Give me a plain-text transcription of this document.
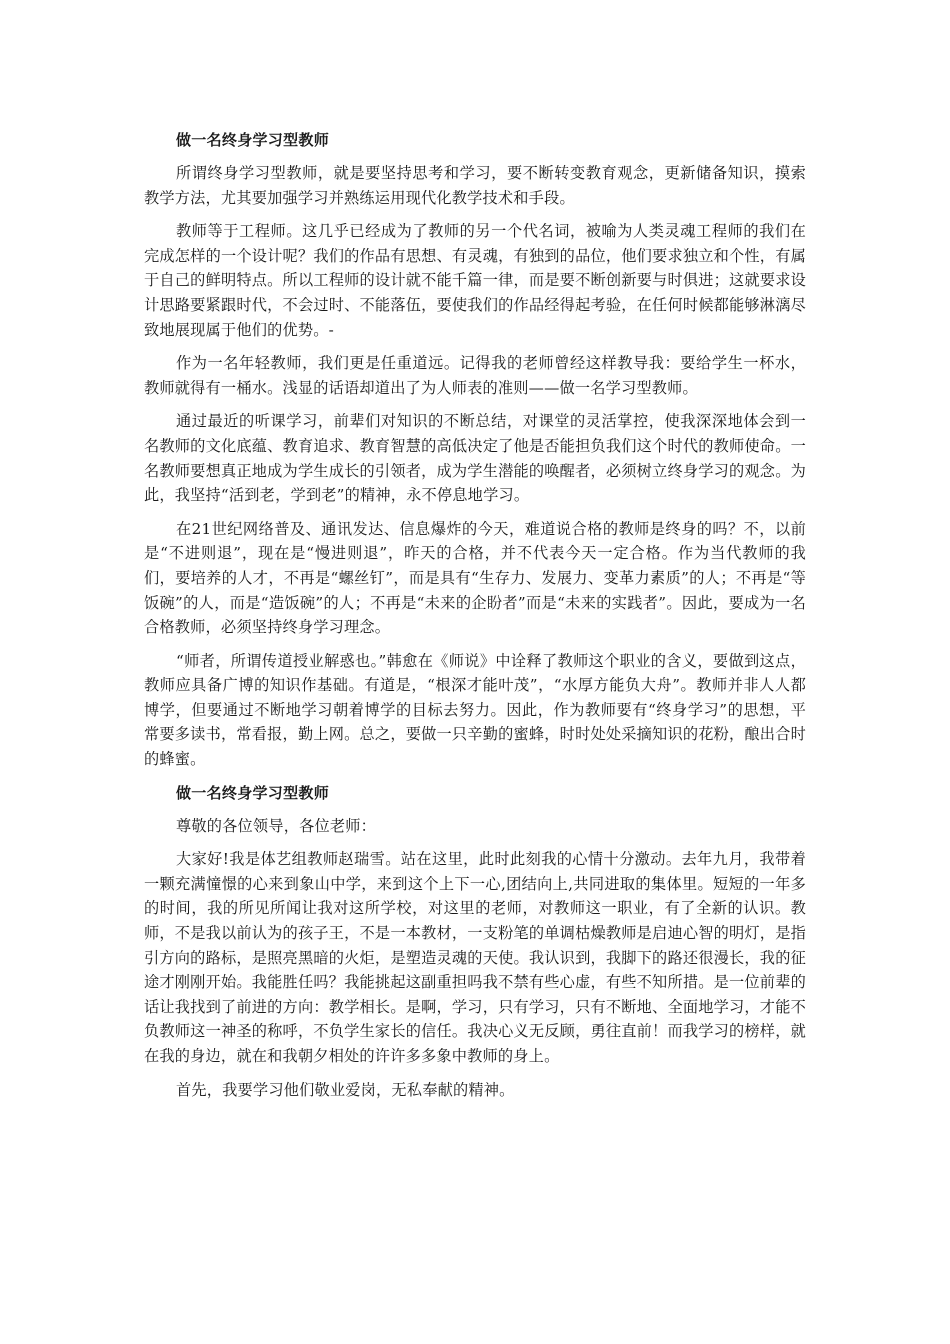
做一名终身学习型教师

所谓终身学习型教师，就是要坚持思考和学习，要不断转变教育观念，更新储备知识，摸索教学方法，尤其要加强学习并熟练运用现代化教学技术和手段。

教师等于工程师。这几乎已经成为了教师的另一个代名词，被喻为人类灵魂工程师的我们在完成怎样的一个设计呢？我们的作品有思想、有灵魂，有独到的品位，他们要求独立和个性，有属于自己的鲜明特点。所以工程师的设计就不能千篇一律，而是要不断创新要与时俱进；这就要求设计思路要紧跟时代，不会过时、不能落伍，要使我们的作品经得起考验，在任何时候都能够淋漓尽致地展现属于他们的优势。-

作为一名年轻教师，我们更是任重道远。记得我的老师曾经这样教导我：要给学生一杯水，教师就得有一桶水。浅显的话语却道出了为人师表的准则——做一名学习型教师。

通过最近的听课学习，前辈们对知识的不断总结，对课堂的灵活掌控，使我深深地体会到一名教师的文化底蕴、教育追求、教育智慧的高低决定了他是否能担负我们这个时代的教师使命。一名教师要想真正地成为学生成长的引领者，成为学生潜能的唤醒者，必须树立终身学习的观念。为此，我坚持“活到老，学到老”的精神，永不停息地学习。

在21世纪网络普及、通讯发达、信息爆炸的今天，难道说合格的教师是终身的吗？不，以前是“不进则退”，现在是“慢进则退”，昨天的合格，并不代表今天一定合格。作为当代教师的我们，要培养的人才，不再是“螺丝钉”，而是具有“生存力、发展力、变革力素质”的人；不再是“等饭碗”的人，而是“造饭碗”的人；不再是“未来的企盼者”而是“未来的实践者”。因此，要成为一名合格教师，必须坚持终身学习理念。

“师者，所谓传道授业解惑也。”韩愈在《师说》中诠释了教师这个职业的含义，要做到这点，教师应具备广博的知识作基础。有道是，“根深才能叶茂”，“水厚方能负大舟”。教师并非人人都博学，但要通过不断地学习朝着博学的目标去努力。因此，作为教师要有“终身学习”的思想，平常要多读书，常看报，勤上网。总之，要做一只辛勤的蜜蜂，时时处处采摘知识的花粉，酿出合时的蜂蜜。

做一名终身学习型教师

尊敬的各位领导，各位老师：

大家好!我是体艺组教师赵瑞雪。站在这里，此时此刻我的心情十分激动。去年九月，我带着一颗充满憧憬的心来到象山中学，来到这个上下一心,团结向上,共同进取的集体里。短短的一年多的时间，我的所见所闻让我对这所学校，对这里的老师，对教师这一职业，有了全新的认识。教师，不是我以前认为的孩子王，不是一本教材，一支粉笔的单调枯燥教师是启迪心智的明灯，是指引方向的路标，是照亮黑暗的火炬，是塑造灵魂的天使。我认识到，我脚下的路还很漫长，我的征途才刚刚开始。我能胜任吗？我能挑起这副重担吗我不禁有些心虚，有些不知所措。是一位前辈的话让我找到了前进的方向：教学相长。是啊，学习，只有学习，只有不断地、全面地学习，才能不负教师这一神圣的称呼，不负学生家长的信任。我决心义无反顾，勇往直前！而我学习的榜样，就在我的身边，就在和我朝夕相处的许许多多象中教师的身上。

首先，我要学习他们敬业爱岗，无私奉献的精神。
